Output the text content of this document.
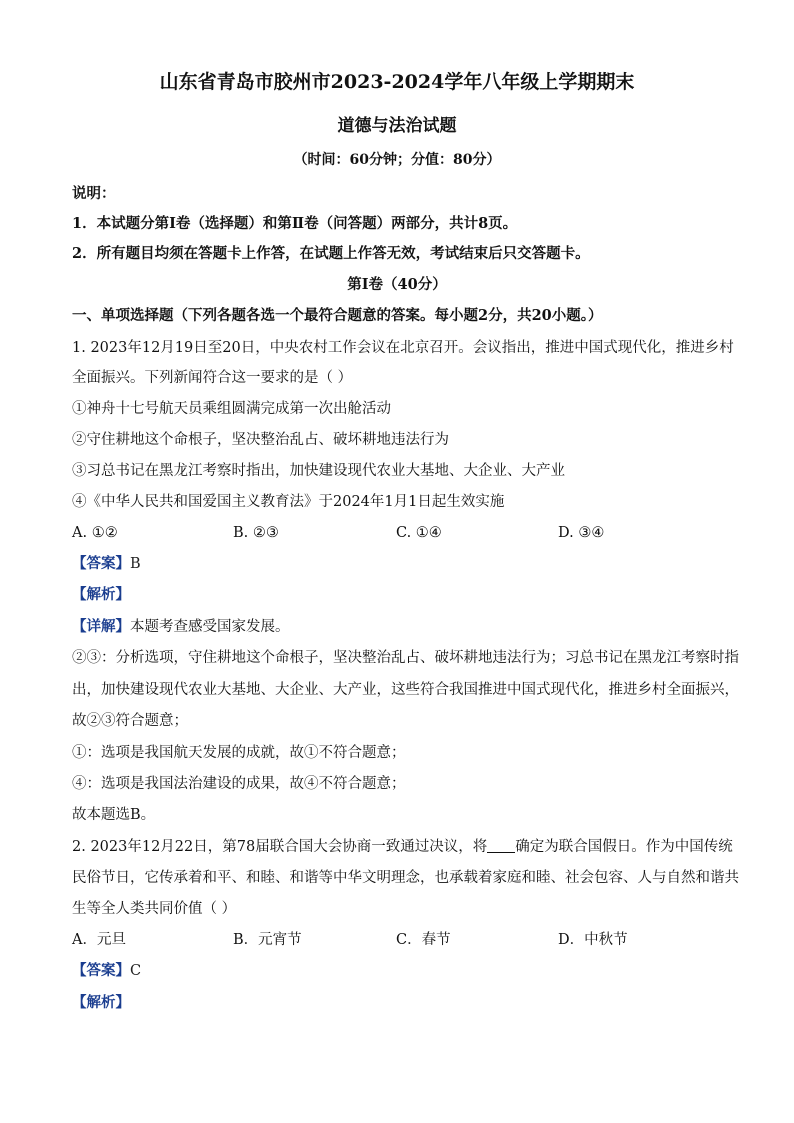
山东省青岛市胶州市2023-2024学年八年级上学期期末
道德与法治试题
（时间：60分钟；分值：80分）
说明：
1．本试题分第Ⅰ卷（选择题）和第Ⅱ卷（问答题）两部分，共计8页。
2．所有题目均须在答题卡上作答，在试题上作答无效，考试结束后只交答题卡。
第Ⅰ卷（40分）
一、单项选择题（下列各题各选一个最符合题意的答案。每小题2分，共20小题。）
1. 2023年12月19日至20日，中央农村工作会议在北京召开。会议指出，推进中国式现代化，推进乡村
全面振兴。下列新闻符合这一要求的是（ ）
①神舟十七号航天员乘组圆满完成第一次出舱活动
②守住耕地这个命根子，坚决整治乱占、破坏耕地违法行为
③习总书记在黑龙江考察时指出，加快建设现代农业大基地、大企业、大产业
④《中华人民共和国爱国主义教育法》于2024年1月1日起生效实施
A. ①②	B. ②③	C. ①④	D. ③④
【答案】B
【解析】
【详解】本题考查感受国家发展。
②③：分析选项，守住耕地这个命根子，坚决整治乱占、破坏耕地违法行为；习总书记在黑龙江考察时指
出，加快建设现代农业大基地、大企业、大产业，这些符合我国推进中国式现代化，推进乡村全面振兴，
故②③符合题意；
①：选项是我国航天发展的成就，故①不符合题意；
④：选项是我国法治建设的成果，故④不符合题意；
故本题选B。
2. 2023年12月22日，第78届联合国大会协商一致通过决议，将 确定为联合国假日。作为中国传统
民俗节日，它传承着和平、和睦、和谐等中华文明理念，也承载着家庭和睦、社会包容、人与自然和谐共
生等全人类共同价值（ ）
A．元旦	B．元宵节	C．春节	D．中秋节
【答案】C
【解析】
